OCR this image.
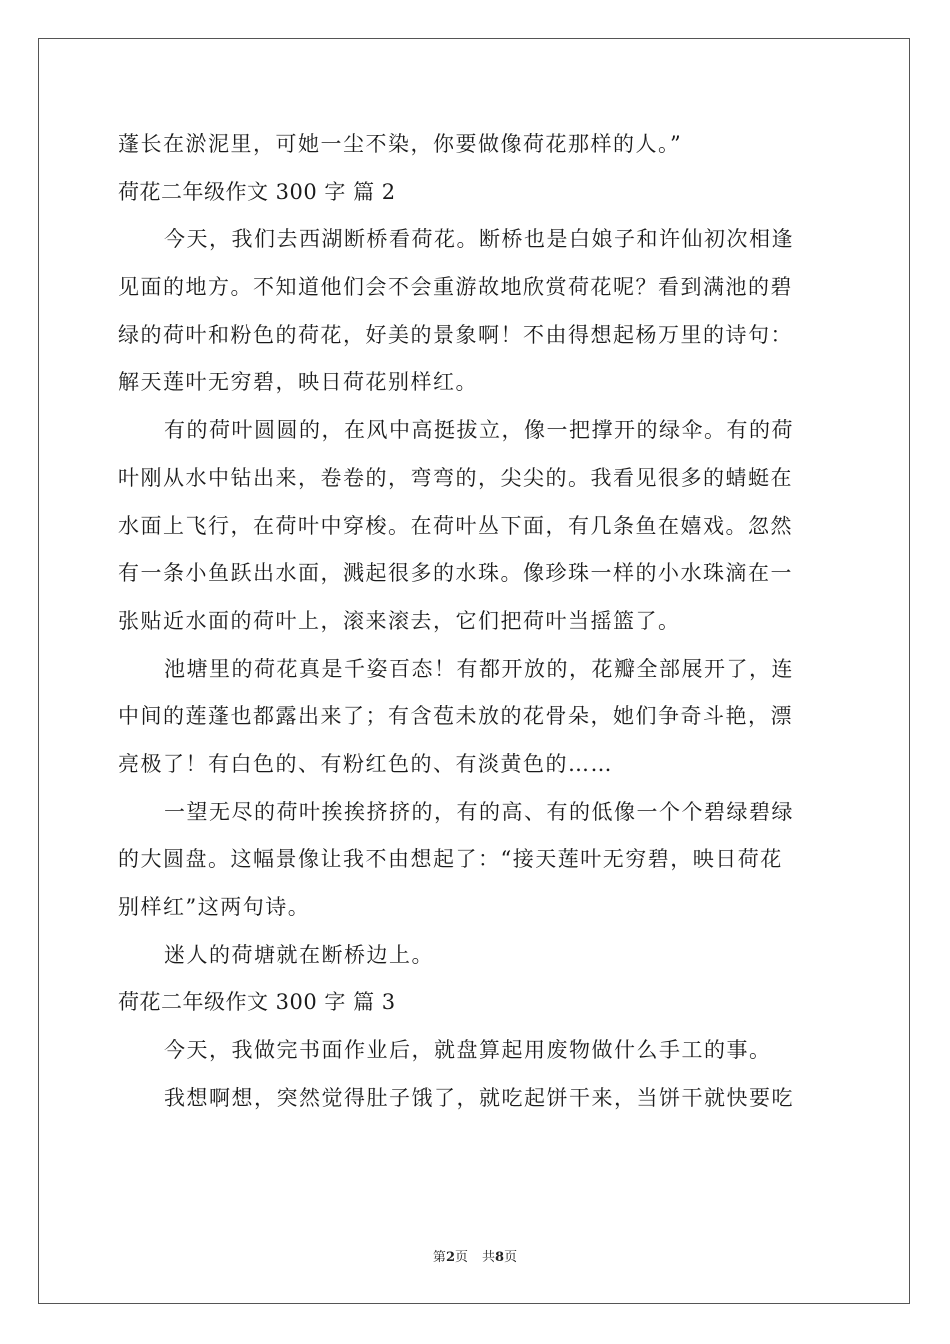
蓬长在淤泥里，可她一尘不染，你要做像荷花那样的人。”
荷花二年级作文 300 字 篇 2
今天，我们去西湖断桥看荷花。断桥也是白娘子和许仙初次相逢
见面的地方。不知道他们会不会重游故地欣赏荷花呢？看到满池的碧
绿的荷叶和粉色的荷花，好美的景象啊！不由得想起杨万里的诗句：
解天莲叶无穷碧，映日荷花别样红。
有的荷叶圆圆的，在风中高挺拔立，像一把撑开的绿伞。有的荷
叶刚从水中钻出来，卷卷的，弯弯的，尖尖的。我看见很多的蜻蜓在
水面上飞行，在荷叶中穿梭。在荷叶丛下面，有几条鱼在嬉戏。忽然
有一条小鱼跃出水面，溅起很多的水珠。像珍珠一样的小水珠滴在一
张贴近水面的荷叶上，滚来滚去，它们把荷叶当摇篮了。
池塘里的荷花真是千姿百态！有都开放的，花瓣全部展开了，连
中间的莲蓬也都露出来了；有含苞未放的花骨朵，她们争奇斗艳，漂
亮极了！有白色的、有粉红色的、有淡黄色的……
一望无尽的荷叶挨挨挤挤的，有的高、有的低像一个个碧绿碧绿
的大圆盘。这幅景像让我不由想起了：“接天莲叶无穷碧，映日荷花
别样红”这两句诗。
迷人的荷塘就在断桥边上。
荷花二年级作文 300 字 篇 3
今天，我做完书面作业后，就盘算起用废物做什么手工的事。
我想啊想，突然觉得肚子饿了，就吃起饼干来，当饼干就快要吃
第2页 共8页
